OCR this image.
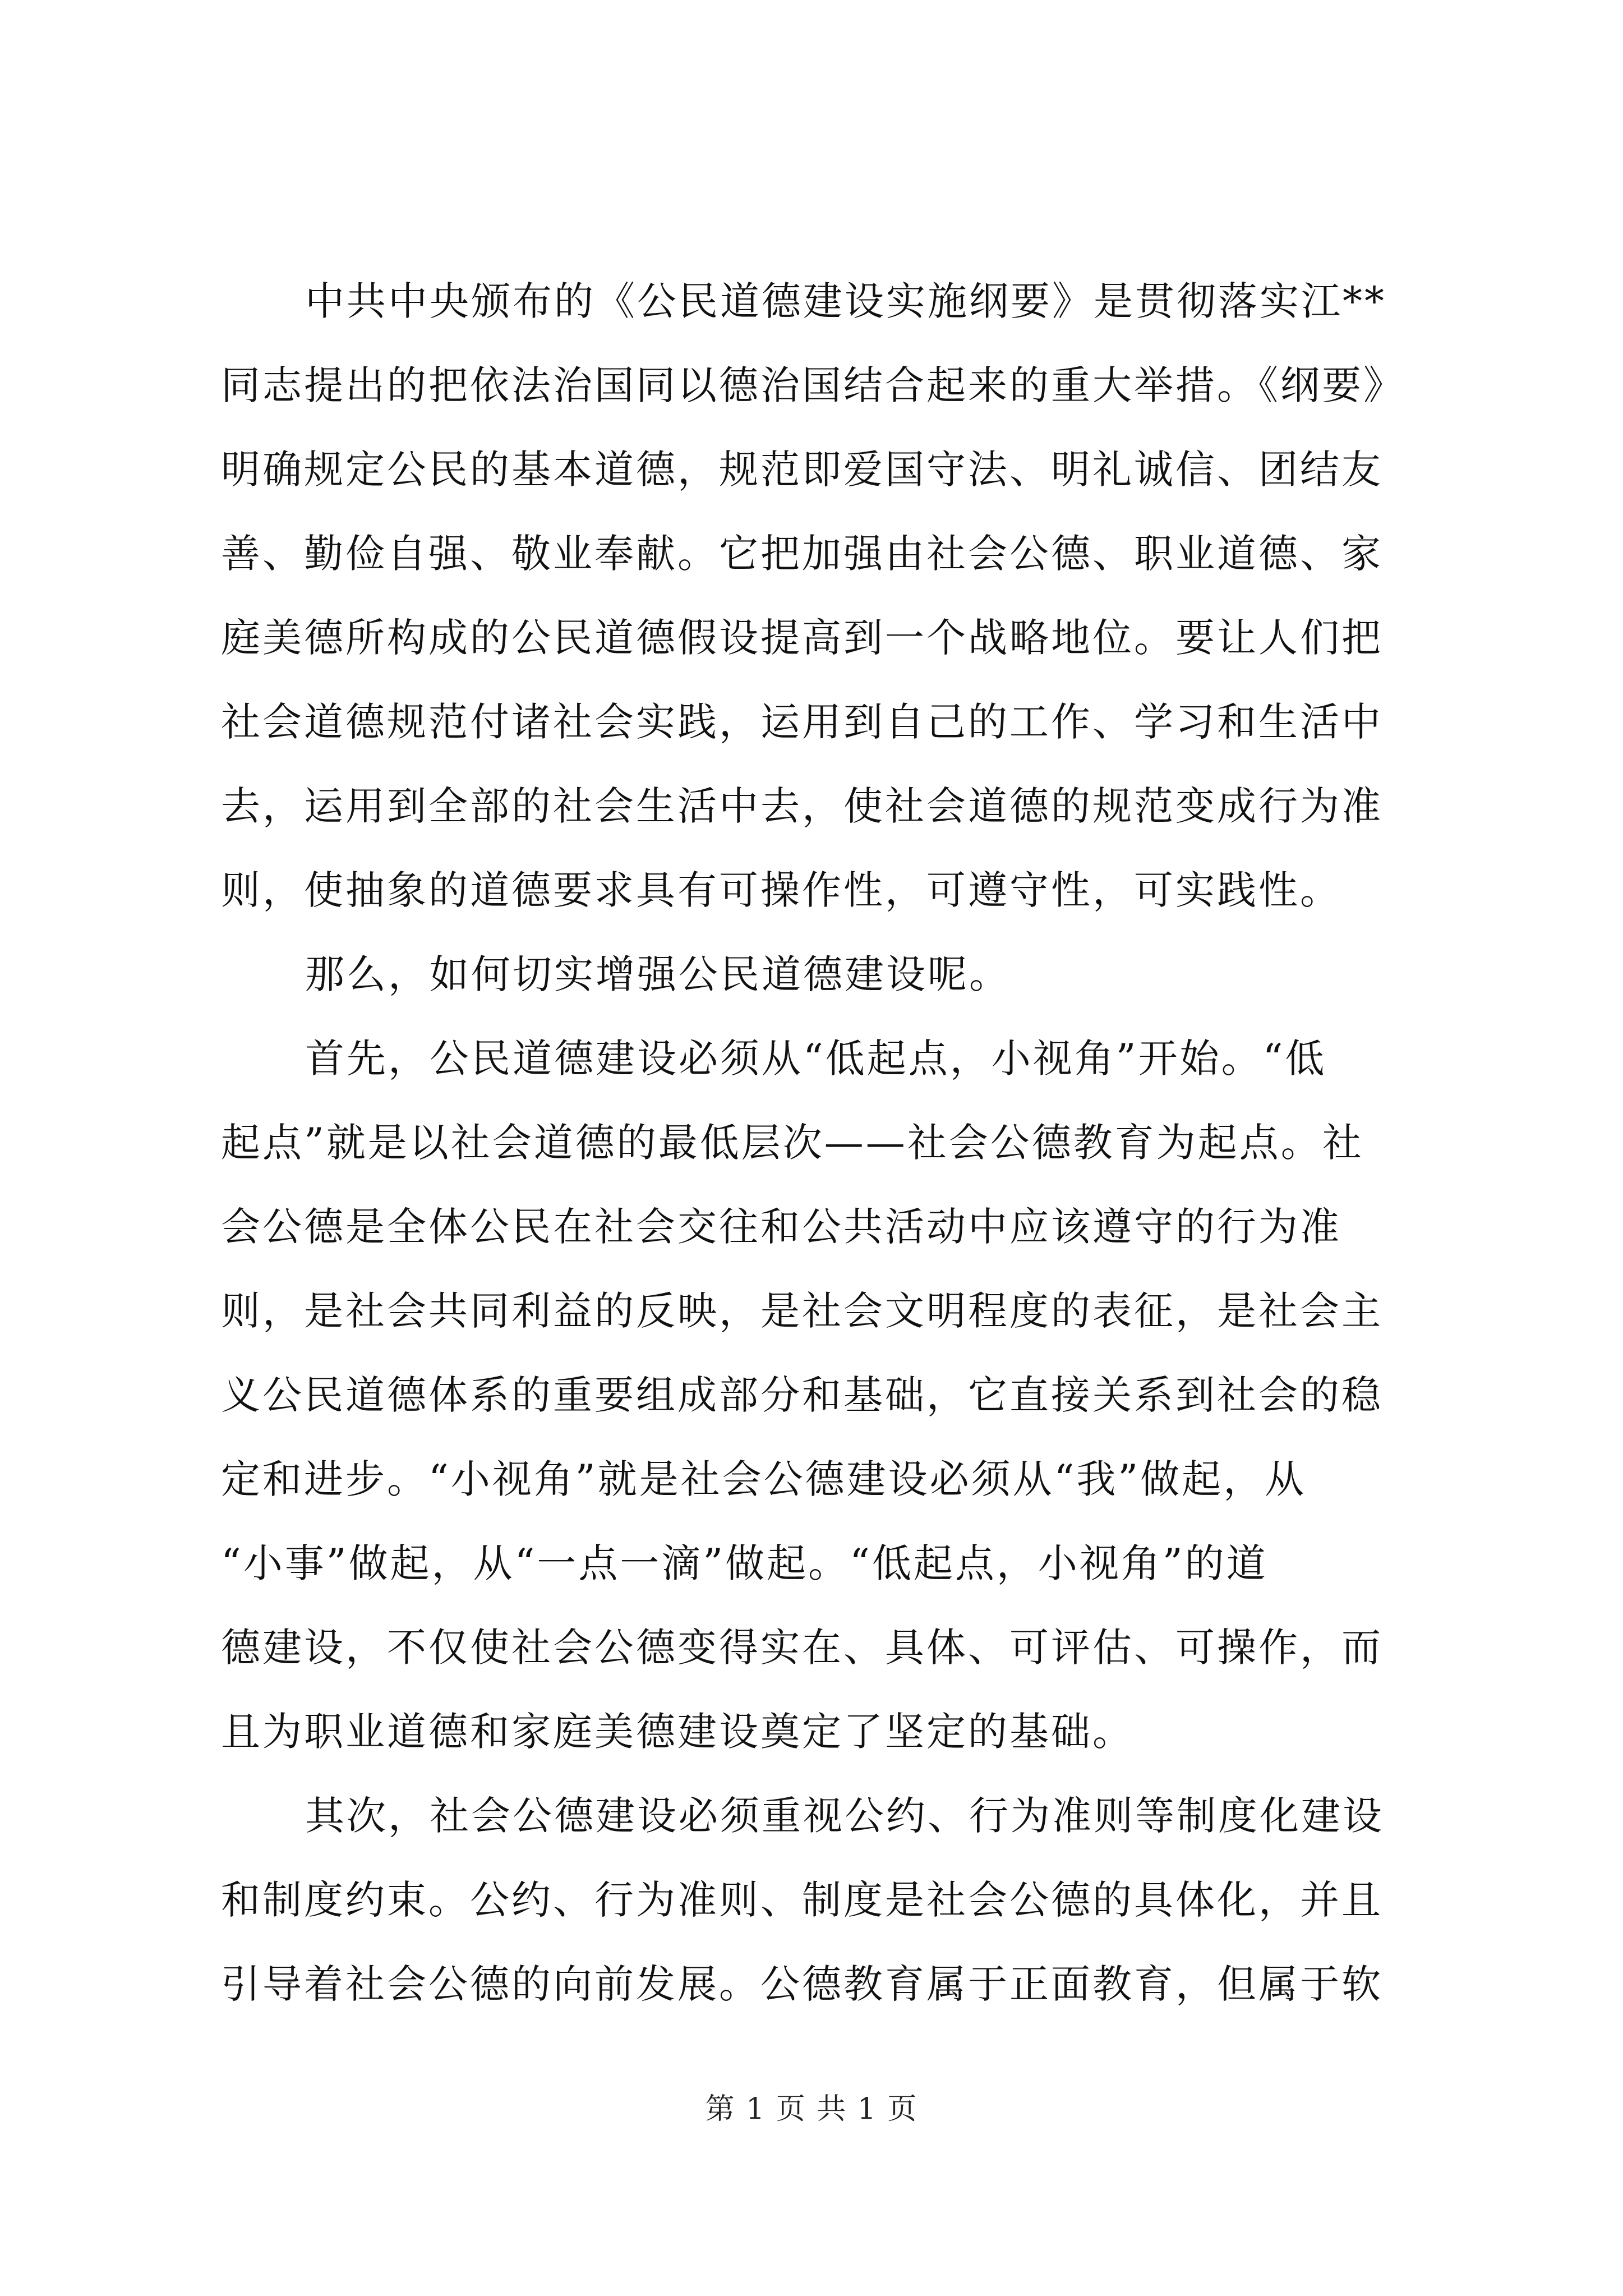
中共中央颁布的《公民道德建设实施纲要》是贯彻落实江**
同志提出的把依法治国同以德治国结合起来的重大举措。《纲要》
明确规定公民的基本道德，规范即爱国守法、明礼诚信、团结友
善、勤俭自强、敬业奉献。它把加强由社会公德、职业道德、家
庭美德所构成的公民道德假设提高到一个战略地位。要让人们把
社会道德规范付诸社会实践，运用到自己的工作、学习和生活中
去，运用到全部的社会生活中去，使社会道德的规范变成行为准
则，使抽象的道德要求具有可操作性，可遵守性，可实践性。
那么，如何切实增强公民道德建设呢。
首先，公民道德建设必须从“低起点，小视角”开始。“低
起点”就是以社会道德的最低层次——社会公德教育为起点。社
会公德是全体公民在社会交往和公共活动中应该遵守的行为准
则，是社会共同利益的反映，是社会文明程度的表征，是社会主
义公民道德体系的重要组成部分和基础，它直接关系到社会的稳
定和进步。“小视角”就是社会公德建设必须从“我”做起，从
“小事”做起，从“一点一滴”做起。“低起点，小视角”的道
德建设，不仅使社会公德变得实在、具体、可评估、可操作，而
且为职业道德和家庭美德建设奠定了坚定的基础。
其次，社会公德建设必须重视公约、行为准则等制度化建设
和制度约束。公约、行为准则、制度是社会公德的具体化，并且
引导着社会公德的向前发展。公德教育属于正面教育，但属于软
第 1 页 共 1 页
